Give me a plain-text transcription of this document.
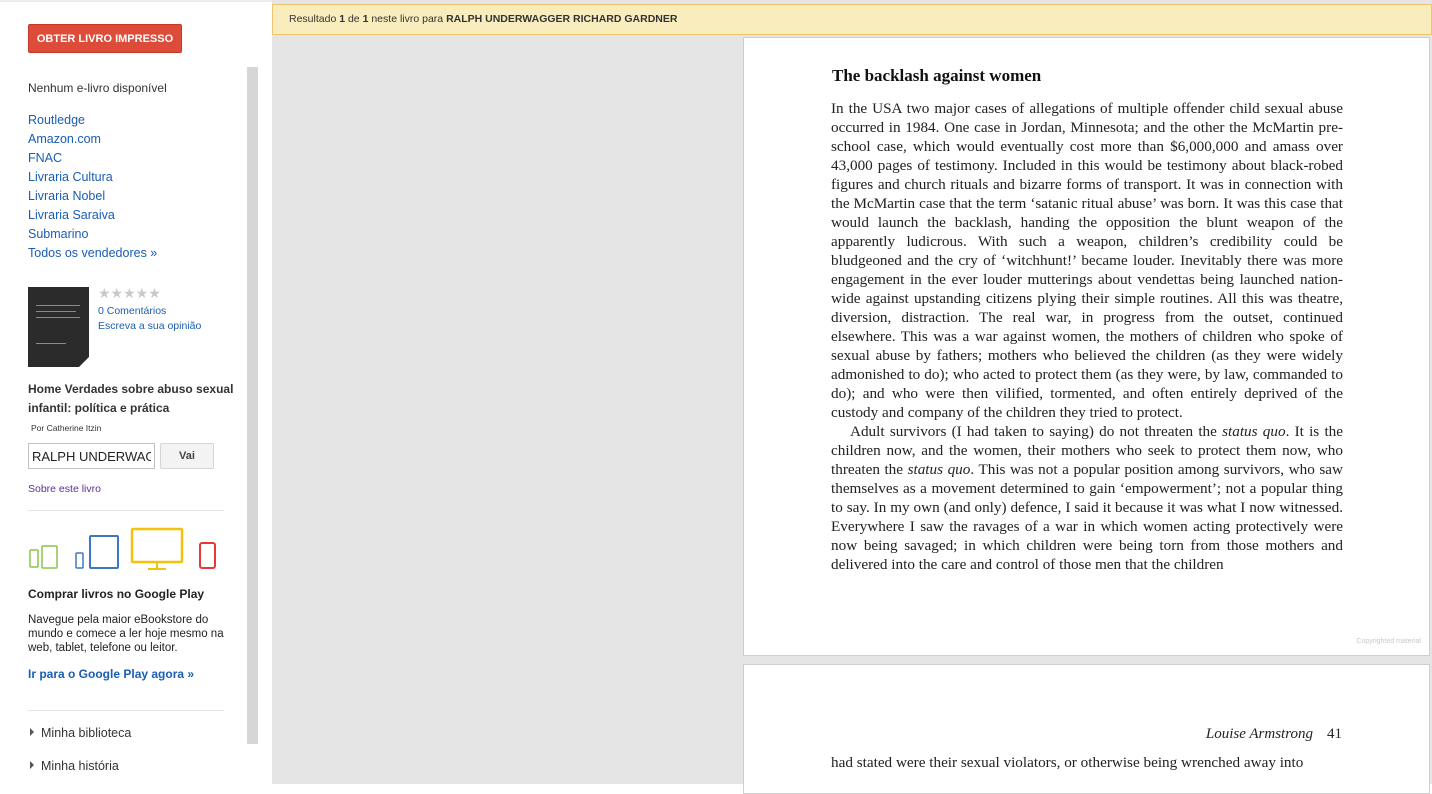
OBTER LIVRO IMPRESSO
Nenhum e-livro disponível
Routledge
Amazon.com
FNAC
Livraria Cultura
Livraria Nobel
Livraria Saraiva
Submarino
Todos os vendedores »
★★★★★
0 Comentários
Escreva a sua opinião
Home Verdades sobre abuso sexual infantil: política e prática
Por Catherine Itzin
RALPH UNDERWAGGER
Vai
Sobre este livro
Comprar livros no Google Play
Navegue pela maior eBookstore do mundo e comece a ler hoje mesmo na web, tablet, telefone ou leitor.
Ir para o Google Play agora »
Minha biblioteca
Minha história
Resultado 1 de 1 neste livro para RALPH UNDERWAGGER RICHARD GARDNER
The backlash against women

In the USA two major cases of allegations of multiple offender child sexual abuse occurred in 1984. One case in Jordan, Minnesota; and the other the McMartin pre-school case, which would eventually cost more than $6,000,000 and amass over 43,000 pages of testimony. Included in this would be testimony about black-robed figures and church rituals and bizarre forms of transport. It was in connection with the McMartin case that the term ‘satanic ritual abuse’ was born. It was this case that would launch the backlash, handing the opposition the blunt weapon of the apparently ludicrous. With such a weapon, children’s credibility could be bludgeoned and the cry of ‘witchhunt!’ became louder. Inevitably there was more engagement in the ever louder mutterings about vendettas being launched nation-wide against upstanding citizens plying their simple routines. All this was theatre, diversion, distraction. The real war, in progress from the outset, continued elsewhere. This was a war against women, the mothers of children who spoke of sexual abuse by fathers; mothers who believed the children (as they were widely admonished to do); who acted to protect them (as they were, by law, commanded to do); and who were then vilified, tormented, and often entirely deprived of the custody and company of the children they tried to protect.

Adult survivors (I had taken to saying) do not threaten the status quo. It is the children now, and the women, their mothers who seek to protect them now, who threaten the status quo. This was not a popular position among survivors, who saw themselves as a movement determined to gain ‘empowerment’; not a popular thing to say. In my own (and only) defence, I said it because it was what I now witnessed. Everywhere I saw the ravages of a war in which women acting protectively were now being savaged; in which children were being torn from those mothers and delivered into the care and control of those men that the children

Copyrighted material
Louise Armstrong 41
had stated were their sexual violators, or otherwise being wrenched away into
